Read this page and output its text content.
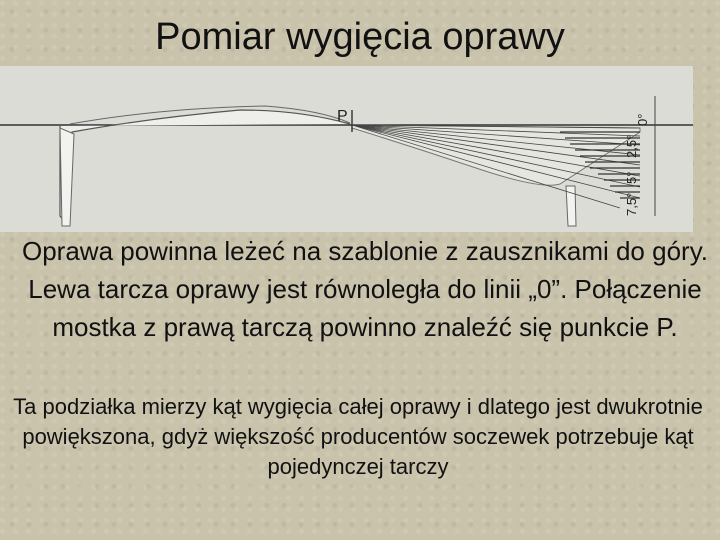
Pomiar wygięcia oprawy
P
7,5°
5°
2,5°
0°
Oprawa powinna leżeć na szablonie z zausznikami do góry. Lewa tarcza oprawy jest równoległa do linii „0”. Połączenie mostka z prawą tarczą powinno znaleźć się punkcie P.
Ta podziałka mierzy kąt wygięcia całej oprawy i dlatego jest dwukrotnie powiększona, gdyż większość producentów soczewek potrzebuje kąt pojedynczej tarczy
